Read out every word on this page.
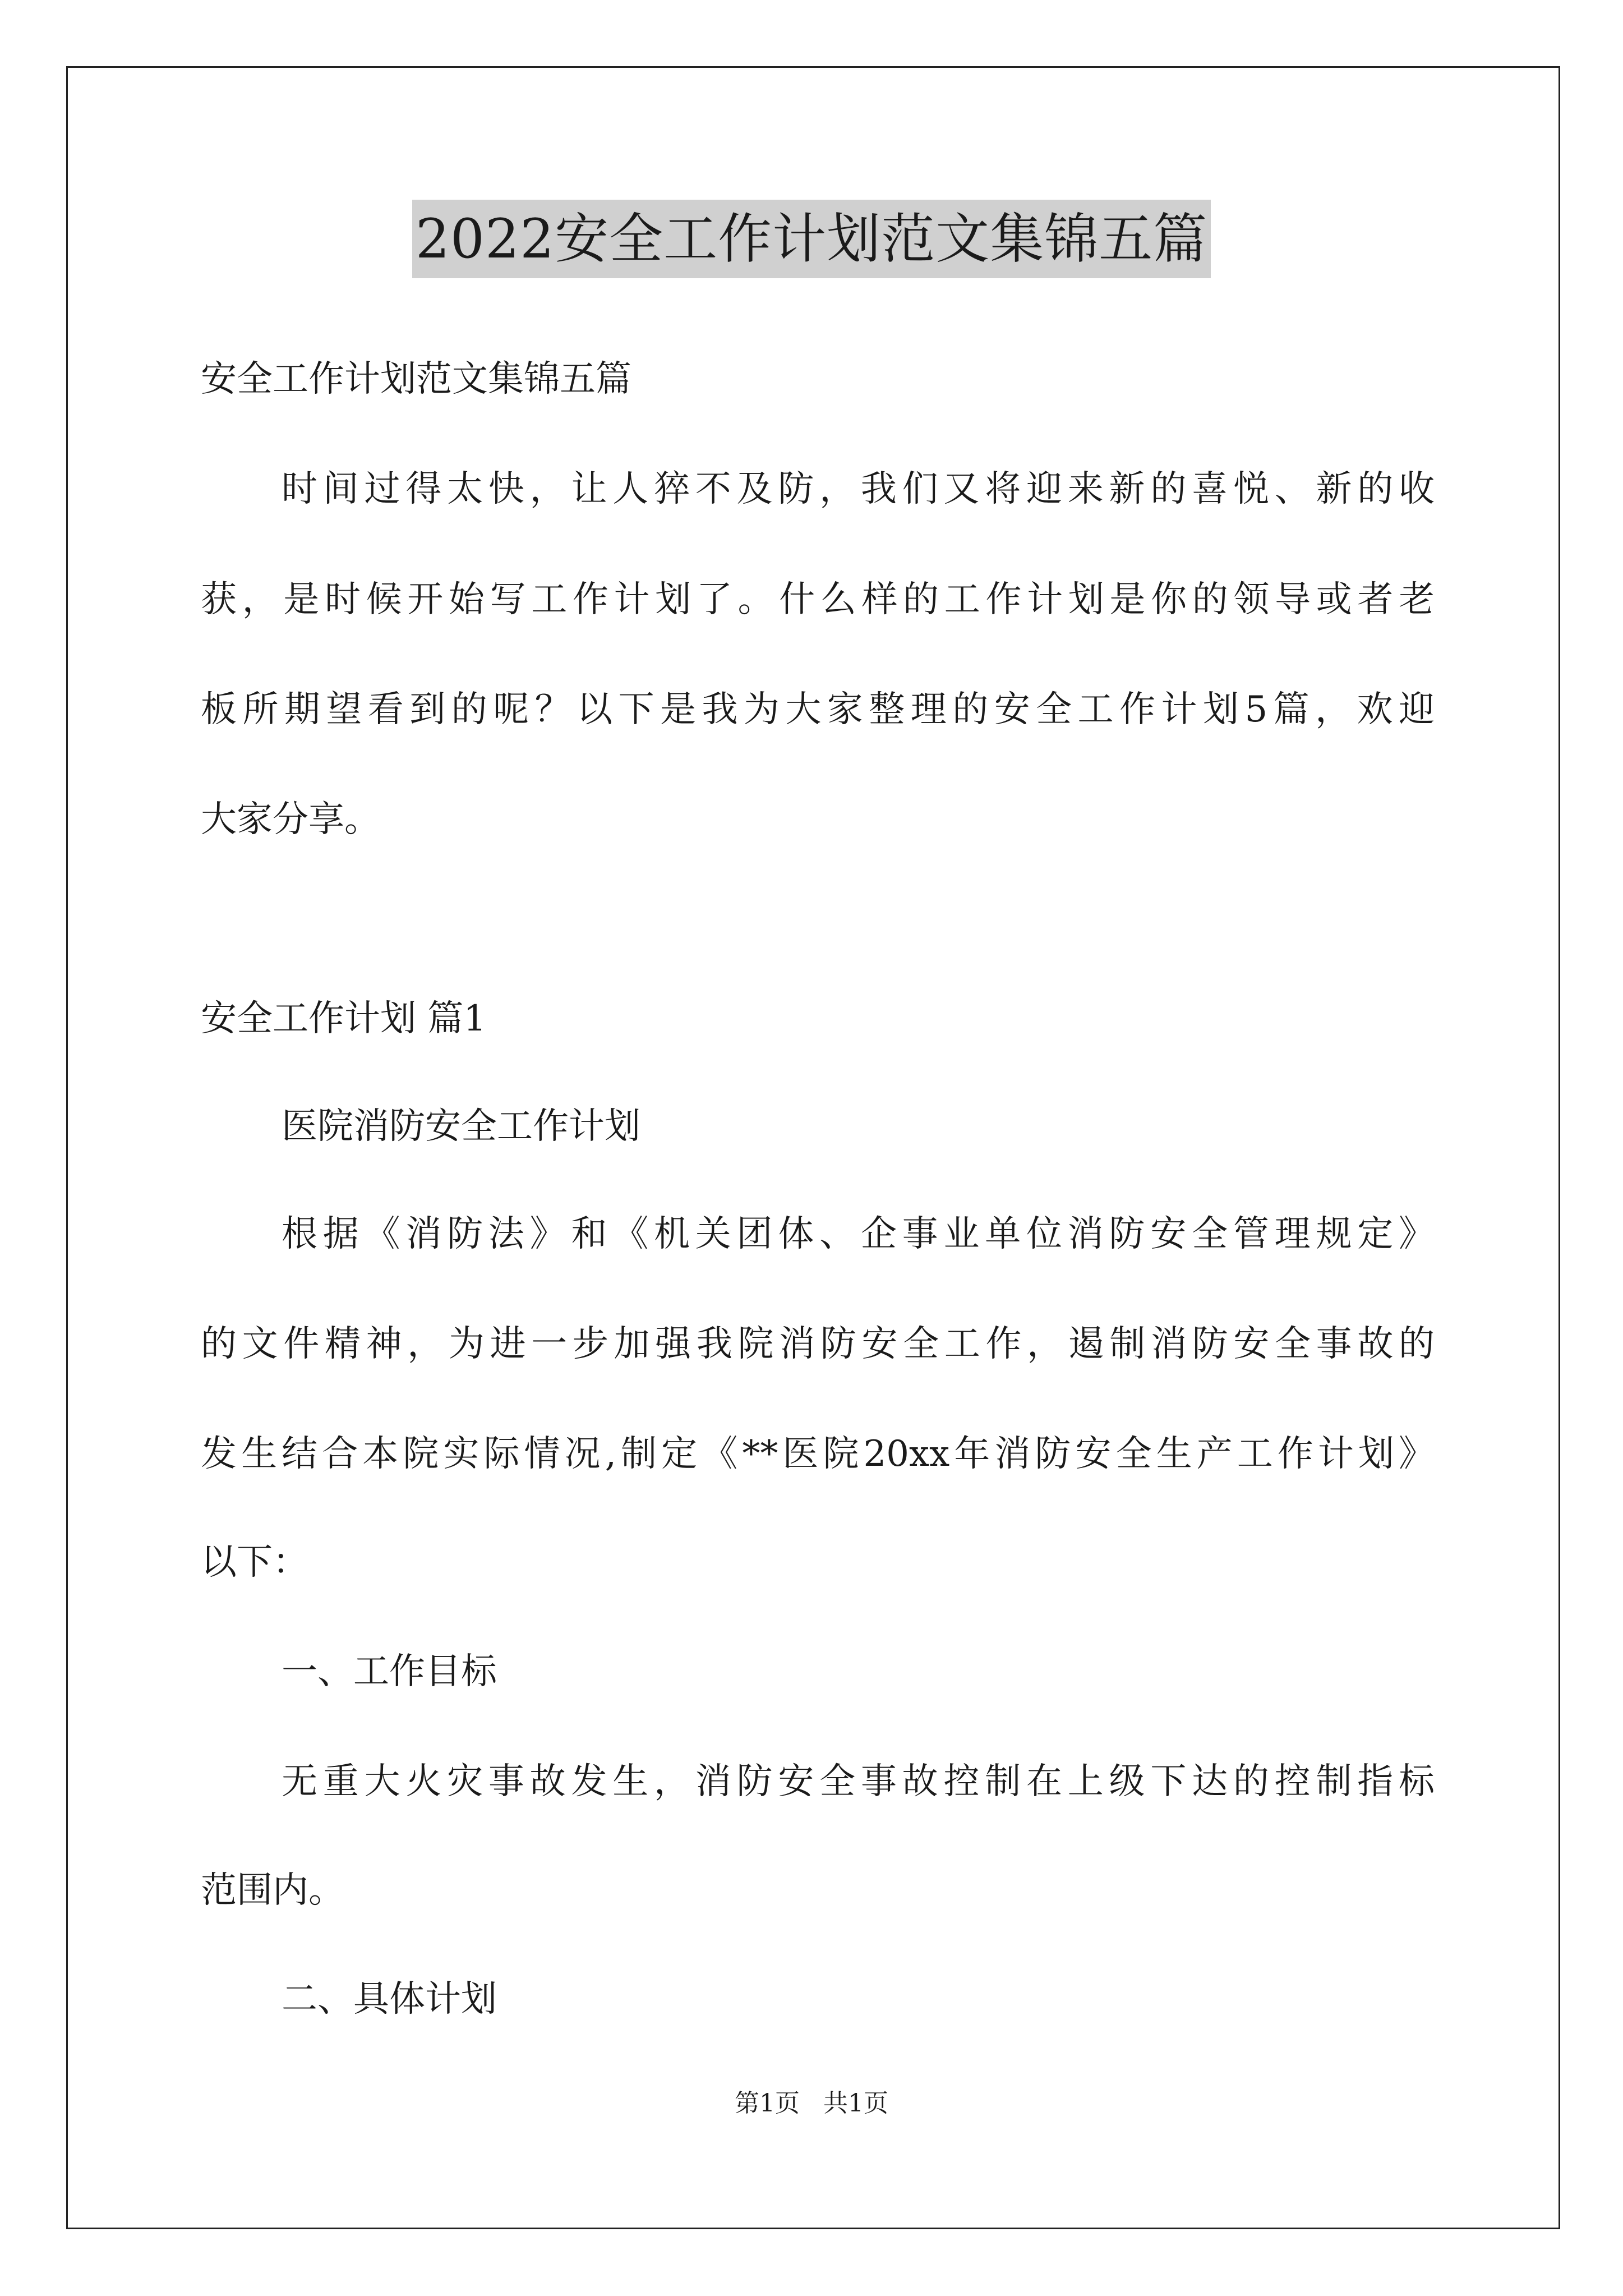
2022安全工作计划范文集锦五篇
安全工作计划范文集锦五篇
时间过得太快，让人猝不及防，我们又将迎来新的喜悦、新的收
获，是时候开始写工作计划了。什么样的工作计划是你的领导或者老
板所期望看到的呢？以下是我为大家整理的安全工作计划5篇，欢迎
大家分享。
安全工作计划 篇1
医院消防安全工作计划
根据《消防法》和《机关团体、企事业单位消防安全管理规定》
的文件精神，为进一步加强我院消防安全工作，遏制消防安全事故的
发生结合本院实际情况,制定《**医院20xx年消防安全生产工作计划》
以下：
一、工作目标
无重大火灾事故发生，消防安全事故控制在上级下达的控制指标
范围内。
二、具体计划
第1页   共1页
